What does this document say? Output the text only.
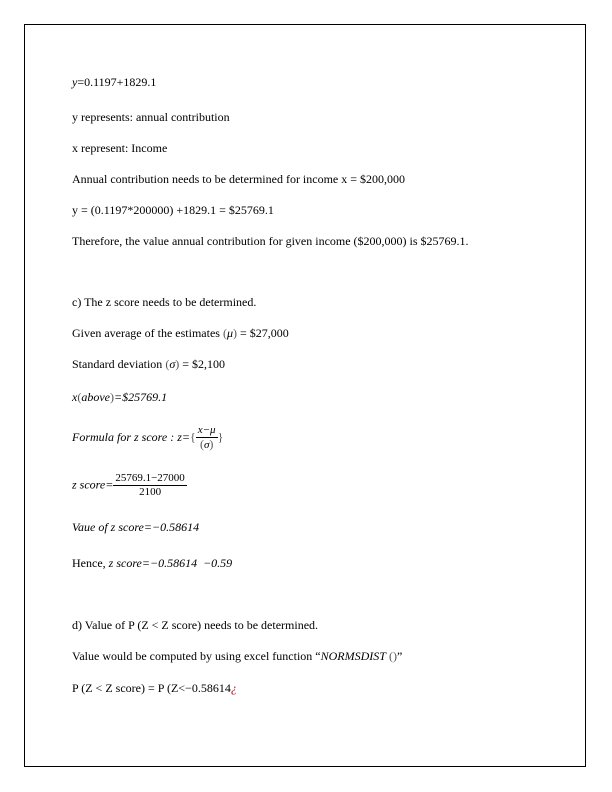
y=0.1197+1829.1
y represents: annual contribution
x represent: Income
Annual contribution needs to be determined for income x = $200,000
y = (0.1197*200000) +1829.1 = $25769.1
Therefore, the value annual contribution for given income ($200,000) is $25769.1.
c) The z score needs to be determined.
Given average of the estimates (μ) = $27,000
Standard deviation (σ) = $2,100
x(above)=$25769.1
Formula for z score : $z=\{ \frac{x-\mu}{(\sigma)}$ }
z score= $\frac{25769.1-27000}{2100}$
Vaue of z score=−0.58614
Hence, z score=−0.58614  −0.59
d) Value of P (Z < Z score) needs to be determined.
Value would be computed by using excel function “NORMSDIST ()”
P (Z < Z score) = P (Z<−0.58614¿
